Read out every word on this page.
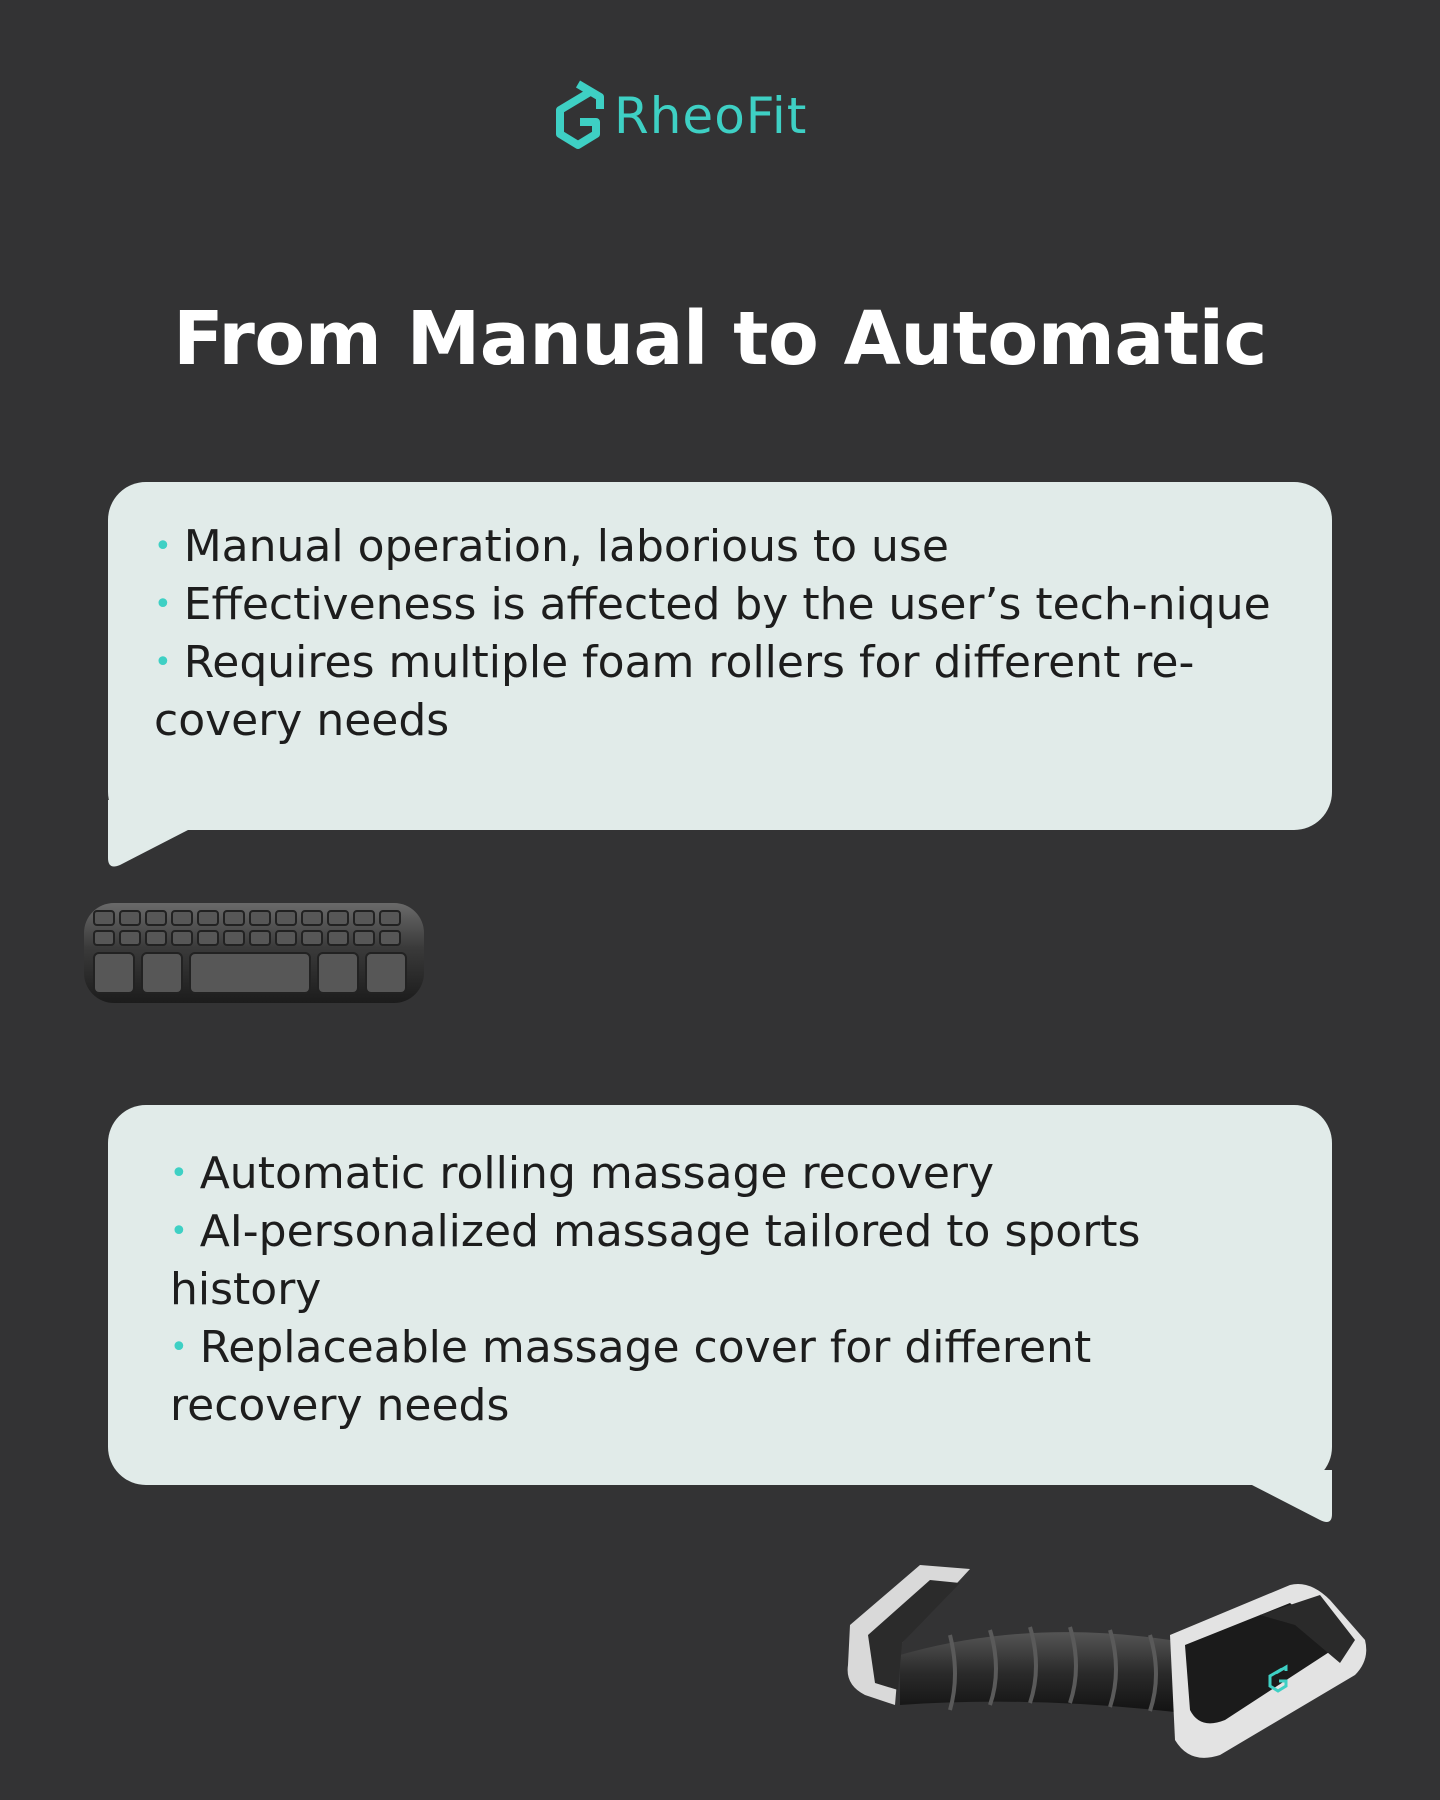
RheoFit
From Manual to Automatic
• Manual operation, laborious to use
• Effectiveness is affected by the user’s tech-nique
• Requires multiple foam rollers for different re-covery needs
• Automatic rolling massage recovery
• AI-personalized massage tailored to sports history
• Replaceable massage cover for different recovery needs
